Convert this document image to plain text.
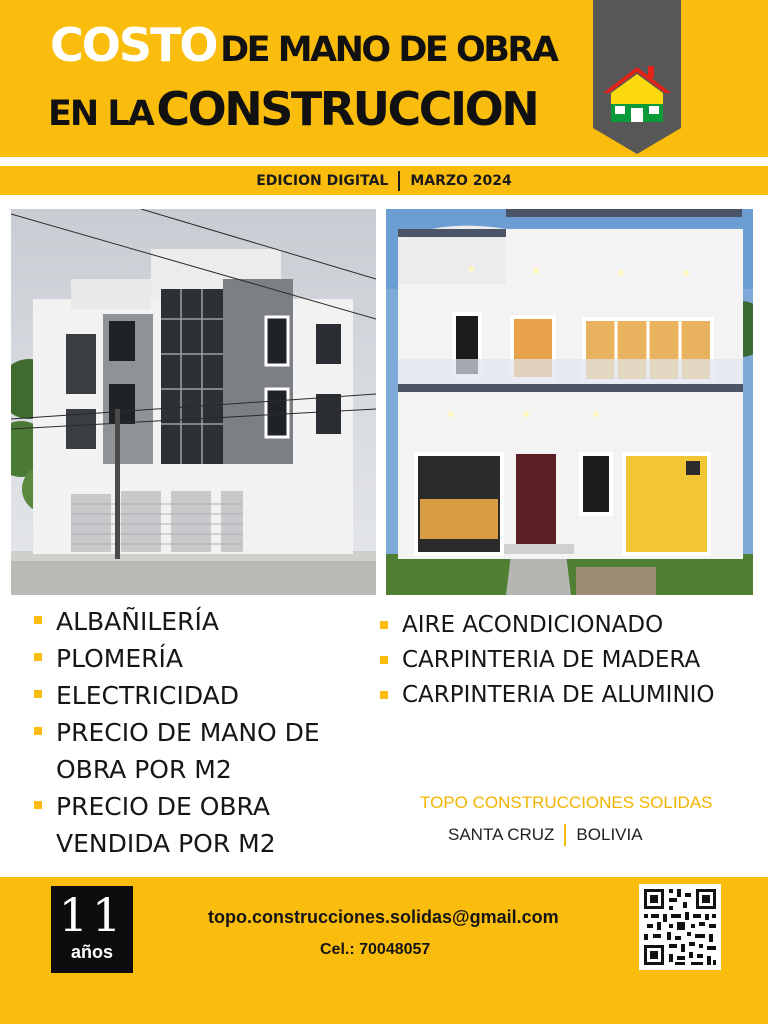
COSTO DE MANO DE OBRA
EN LA CONSTRUCCION
EDICION DIGITAL MARZO 2024
ALBAÑILERÍA
PLOMERÍA
ELECTRICIDAD
PRECIO DE MANO DE OBRA POR M2
PRECIO DE OBRA VENDIDA POR M2
AIRE ACONDICIONADO
CARPINTERIA DE MADERA
CARPINTERIA DE ALUMINIO
TOPO CONSTRUCCIONES SOLIDAS
SANTA CRUZ BOLIVIA
11
años
topo.construcciones.solidas@gmail.com
Cel.: 70048057
